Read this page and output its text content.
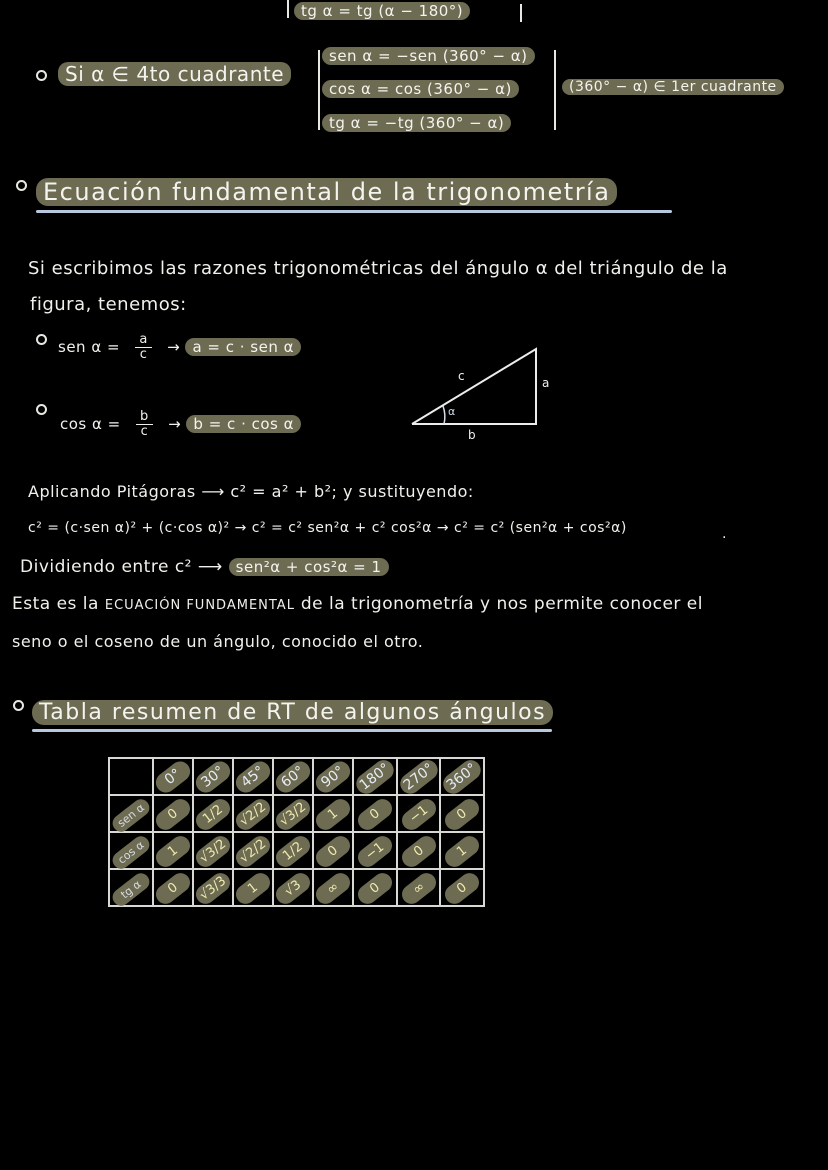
tg α = tg (α − 180°)
Si α ∈ 4to cuadrante
sen α = −sen (360° − α)
cos α = cos (360° − α)
tg α = −tg (360° − α)
(360° − α) ∈ 1er cuadrante
Ecuación fundamental de la trigonometría
Si escribimos las razones trigonométricas del ángulo α del triángulo de la
figura, tenemos:
sen $\alpha = \frac{a}{c} \to a = c$ · sen α
$\cos \alpha = \frac{b}{c} \to b = c \cdot \cos \alpha$
c	a
b
α
Aplicando Pitágoras ⟶ c² = a² + b²; y sustituyendo:
c² = (c·sen α)² + (c·cos α)² → c² = c² sen²α + c² cos²α → c² = c² (sen²α + cos²α)	.
Dividiendo entre c² ⟶ sen²α + cos²α = 1
Esta es la ECUACIÓN FUNDAMENTAL de la trigonometría y nos permite conocer el
seno o el coseno de un ángulo, conocido el otro.
Tabla resumen de RT de algunos ángulos
	0°	30°	45°	60°	90°	180°	270°	360°
sen α	0	1/2	√2/2	√3/2	1	0	−1	0
cos α	1	√3/2	√2/2	1/2	0	−1	0	1
tg α	0	√3/3	1	√3	∞	0	∞	0
